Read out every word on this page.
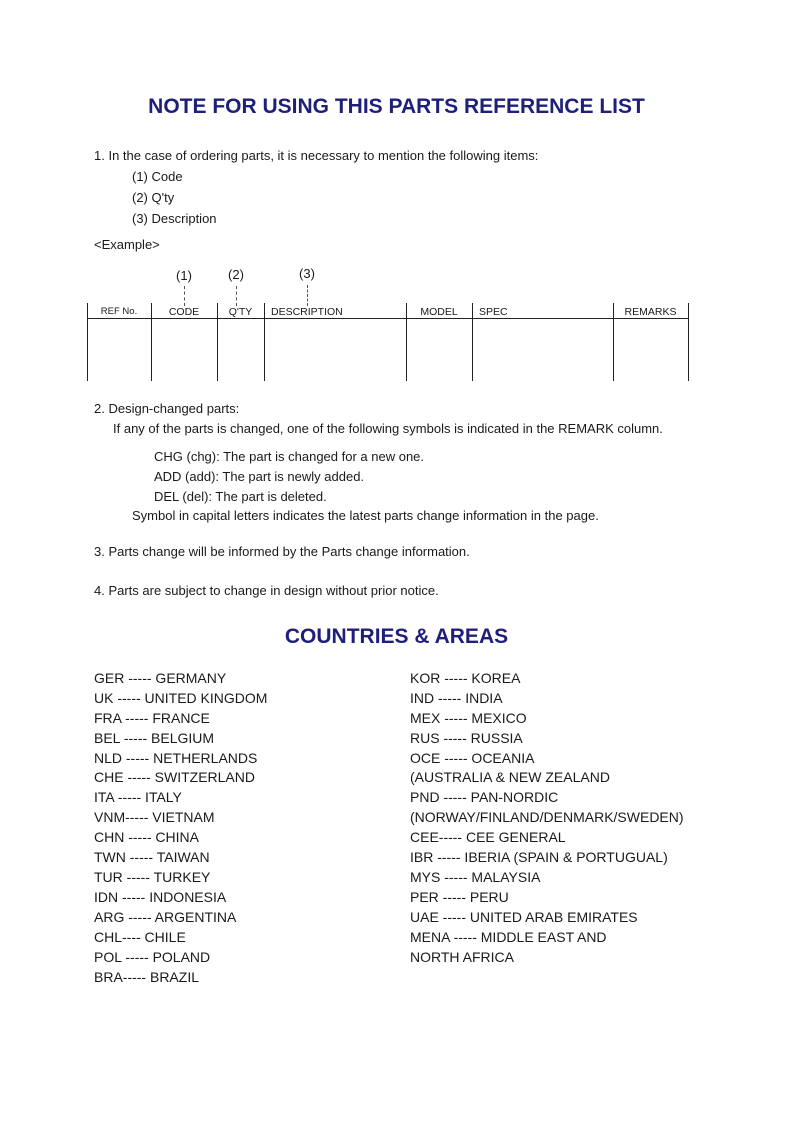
NOTE FOR USING THIS PARTS REFERENCE LIST
1. In the case of ordering parts, it is necessary to mention the following items:
(1) Code
(2) Q'ty
(3) Description
<Example>
(1)	(2)	(3)
REF No.	CODE	Q'TY	DESCRIPTION	MODEL	SPEC	REMARKS
2. Design-changed parts:
If any of the parts is changed, one of the following symbols is indicated in the REMARK column.
CHG (chg): The part is changed for a new one.
ADD (add): The part is newly added.
DEL (del): The part is deleted.
Symbol in capital letters indicates the latest parts change information in the page.
3. Parts change will be informed by the Parts change information.
4. Parts are subject to change in design without prior notice.
COUNTRIES & AREAS
GER ----- GERMANY
UK ----- UNITED KINGDOM
FRA ----- FRANCE
BEL ----- BELGIUM
NLD ----- NETHERLANDS
CHE ----- SWITZERLAND
ITA ----- ITALY
VNM----- VIETNAM
CHN ----- CHINA
TWN ----- TAIWAN
TUR ----- TURKEY
IDN ----- INDONESIA
ARG ----- ARGENTINA
CHL---- CHILE
POL ----- POLAND
BRA----- BRAZIL
KOR ----- KOREA
IND ----- INDIA
MEX ----- MEXICO
RUS ----- RUSSIA
OCE ----- OCEANIA
(AUSTRALIA & NEW ZEALAND
PND ----- PAN-NORDIC
(NORWAY/FINLAND/DENMARK/SWEDEN)
CEE----- CEE GENERAL
IBR ----- IBERIA (SPAIN & PORTUGUAL)
MYS ----- MALAYSIA
PER ----- PERU
UAE ----- UNITED ARAB EMIRATES
MENA ----- MIDDLE EAST AND
NORTH AFRICA
